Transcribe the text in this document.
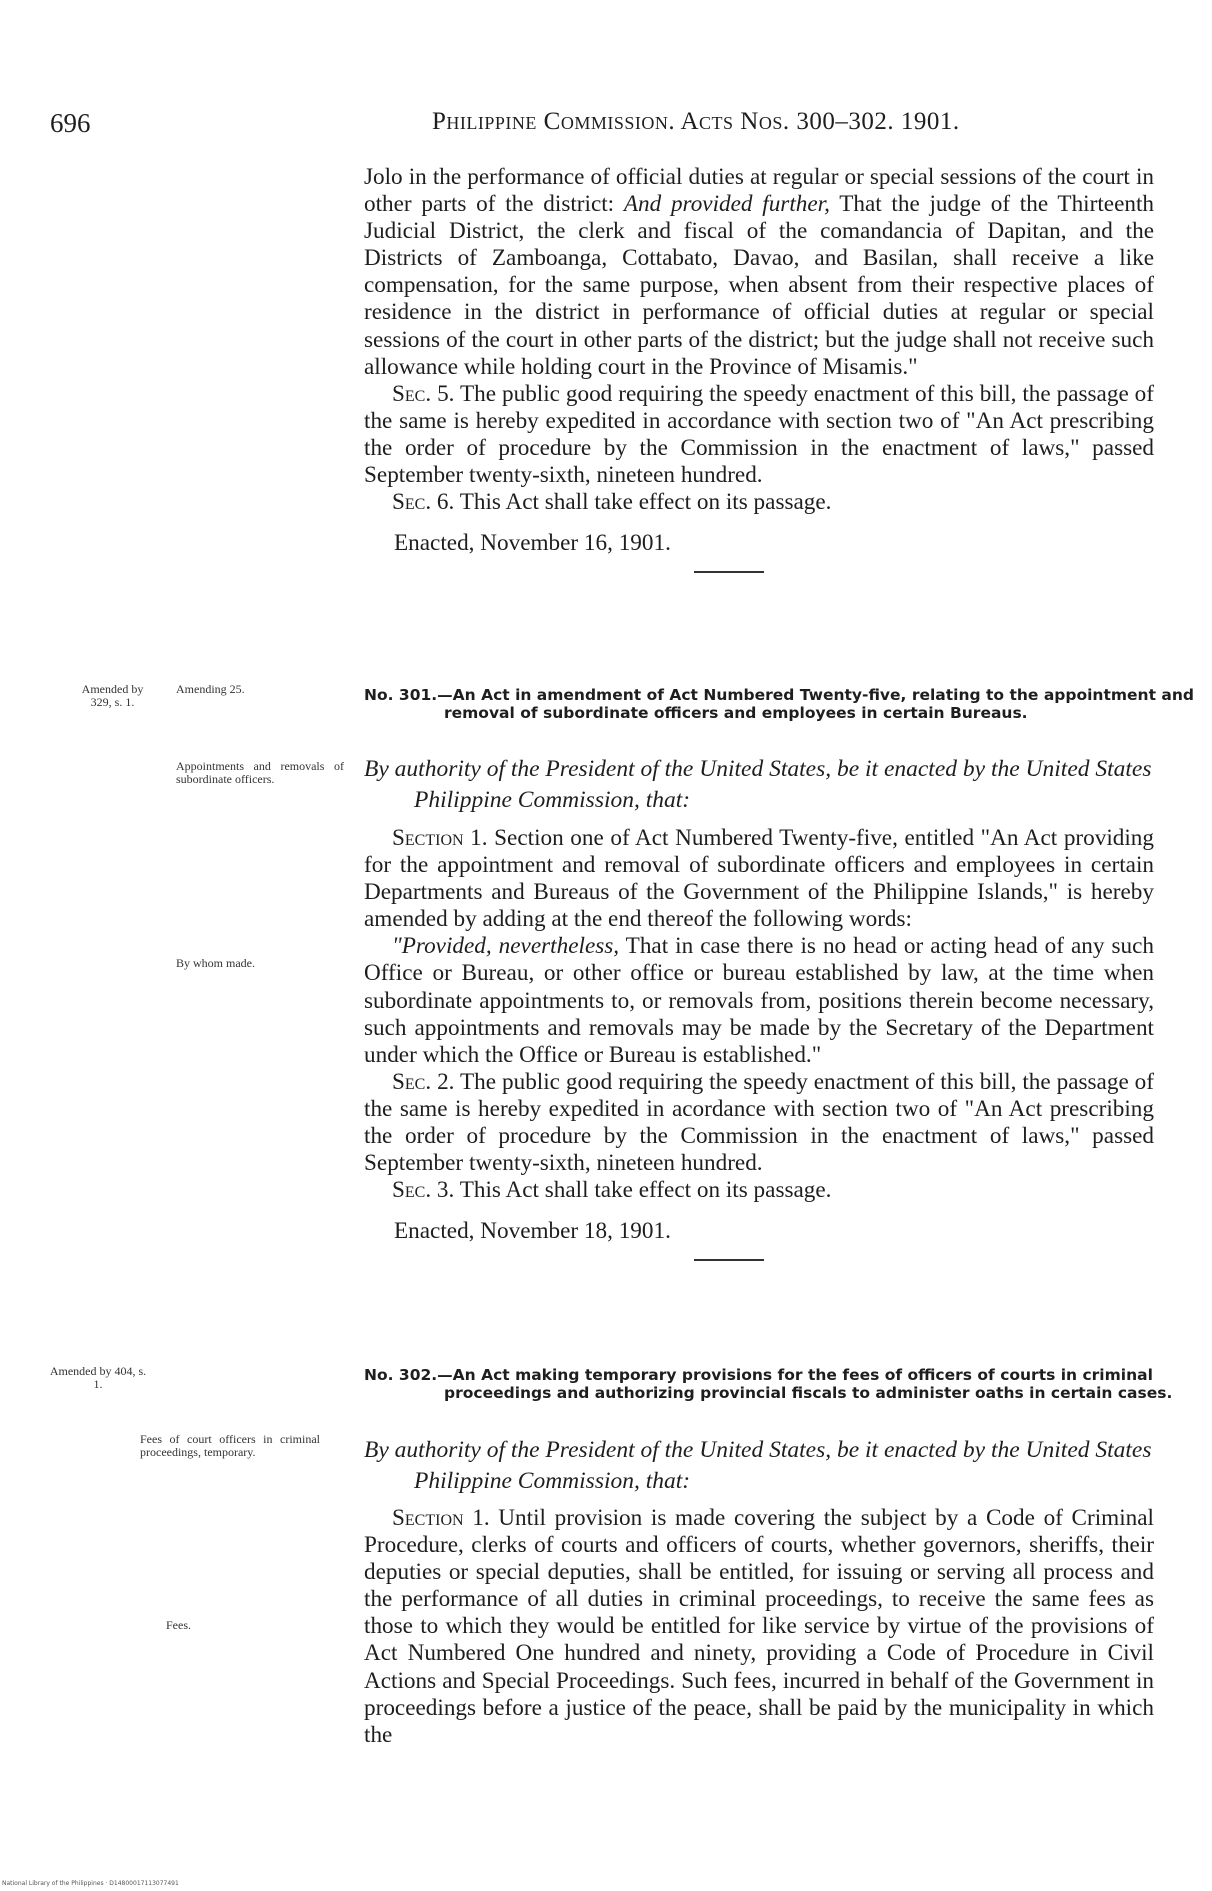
696	Philippine Commission. Acts Nos. 300–302. 1901.

Jolo in the performance of official duties at regular or special sessions of the court in other parts of the district: And provided further, That the judge of the Thirteenth Judicial District, the clerk and fiscal of the comandancia of Dapitan, and the Districts of Zamboanga, Cottabato, Davao, and Basilan, shall receive a like compensation, for the same purpose, when absent from their respective places of residence in the district in performance of official duties at regular or special sessions of the court in other parts of the district; but the judge shall not receive such allowance while holding court in the Province of Misamis."

Sec. 5. The public good requiring the speedy enactment of this bill, the passage of the same is hereby expedited in accordance with section two of "An Act prescribing the order of procedure by the Commission in the enactment of laws," passed September twenty-sixth, nineteen hundred.

Sec. 6. This Act shall take effect on its passage.

Enacted, November 16, 1901.

Amended by 329, s. 1.
Amending 25.
Appointments and removals of subordinate officers.
By whom made.
No. 301.—An Act in amendment of Act Numbered Twenty-five, relating to the appointment and removal of subordinate officers and employees in certain Bureaus.
By authority of the President of the United States, be it enacted by the United States Philippine Commission, that:

Section 1. Section one of Act Numbered Twenty-five, entitled "An Act providing for the appointment and removal of subordinate officers and employees in certain Departments and Bureaus of the Government of the Philippine Islands," is hereby amended by adding at the end thereof the following words:

"Provided, nevertheless, That in case there is no head or acting head of any such Office or Bureau, or other office or bureau established by law, at the time when subordinate appointments to, or removals from, positions therein become necessary, such appointments and removals may be made by the Secretary of the Department under which the Office or Bureau is established."

Sec. 2. The public good requiring the speedy enactment of this bill, the passage of the same is hereby expedited in acordance with section two of "An Act prescribing the order of procedure by the Commission in the enactment of laws," passed September twenty-sixth, nineteen hundred.

Sec. 3. This Act shall take effect on its passage.

Enacted, November 18, 1901.

Amended by 404, s. 1.
Fees of court officers in criminal proceedings, temporary.
Fees.
No. 302.—An Act making temporary provisions for the fees of officers of courts in criminal proceedings and authorizing provincial fiscals to administer oaths in certain cases.
By authority of the President of the United States, be it enacted by the United States Philippine Commission, that:

Section 1. Until provision is made covering the subject by a Code of Criminal Procedure, clerks of courts and officers of courts, whether governors, sheriffs, their deputies or special deputies, shall be entitled, for issuing or serving all process and the performance of all duties in criminal proceedings, to receive the same fees as those to which they would be entitled for like service by virtue of the provisions of Act Numbered One hundred and ninety, providing a Code of Procedure in Civil Actions and Special Proceedings. Such fees, incurred in behalf of the Government in proceedings before a justice of the peace, shall be paid by the municipality in which the

National Library of the Philippines · D14800017113077491
